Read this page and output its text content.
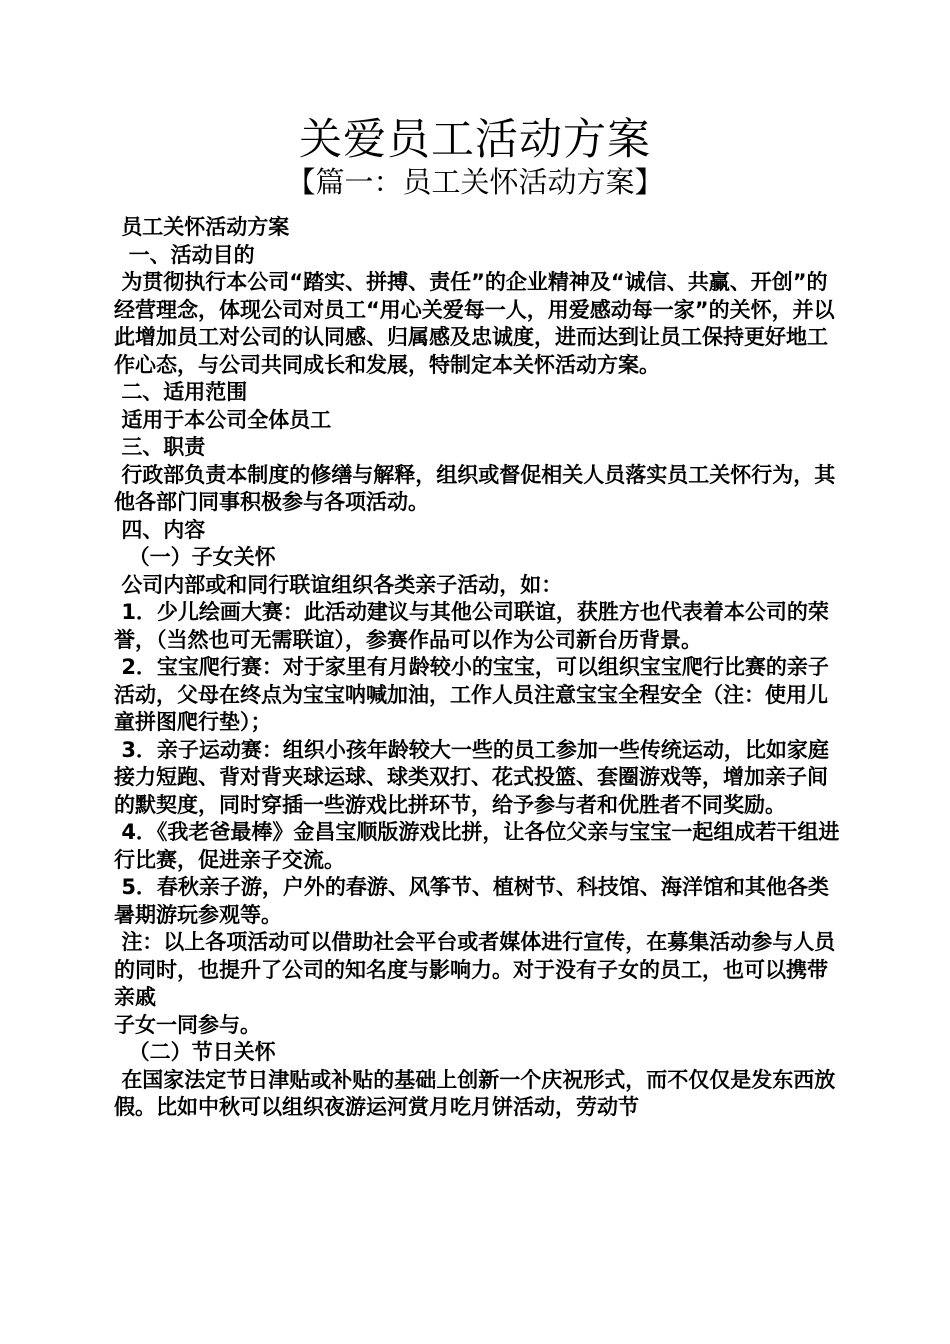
关爱员工活动方案
【篇一：员工关怀活动方案】

员工关怀活动方案

一、活动目的

为贯彻执行本公司“踏实、拼搏、责任”的企业精神及“诚信、共赢、开创”的经营理念，体现公司对员工“用心关爱每一人，用爱感动每一家”的关怀，并以此增加员工对公司的认同感、归属感及忠诚度，进而达到让员工保持更好地工作心态，与公司共同成长和发展，特制定本关怀活动方案。

二、适用范围

适用于本公司全体员工

三、职责

行政部负责本制度的修缮与解释，组织或督促相关人员落实员工关怀行为，其他各部门同事积极参与各项活动。

四、内容

（一）子女关怀

公司内部或和同行联谊组织各类亲子活动，如：

1．少儿绘画大赛：此活动建议与其他公司联谊，获胜方也代表着本公司的荣誉，（当然也可无需联谊），参赛作品可以作为公司新台历背景。

2．宝宝爬行赛：对于家里有月龄较小的宝宝，可以组织宝宝爬行比赛的亲子活动，父母在终点为宝宝呐喊加油，工作人员注意宝宝全程安全（注：使用儿童拼图爬行垫）；

3．亲子运动赛：组织小孩年龄较大一些的员工参加一些传统运动，比如家庭接力短跑、背对背夹球运球、球类双打、花式投篮、套圈游戏等，增加亲子间的默契度，同时穿插一些游戏比拼环节，给予参与者和优胜者不同奖励。

4．《我老爸最棒》金昌宝顺版游戏比拼，让各位父亲与宝宝一起组成若干组进行比赛，促进亲子交流。

5．春秋亲子游，户外的春游、风筝节、植树节、科技馆、海洋馆和其他各类暑期游玩参观等。

注：以上各项活动可以借助社会平台或者媒体进行宣传，在募集活动参与人员的同时，也提升了公司的知名度与影响力。对于没有子女的员工，也可以携带亲戚

子女一同参与。

（二）节日关怀

在国家法定节日津贴或补贴的基础上创新一个庆祝形式，而不仅仅是发东西放假。比如中秋可以组织夜游运河赏月吃月饼活动，劳动节
